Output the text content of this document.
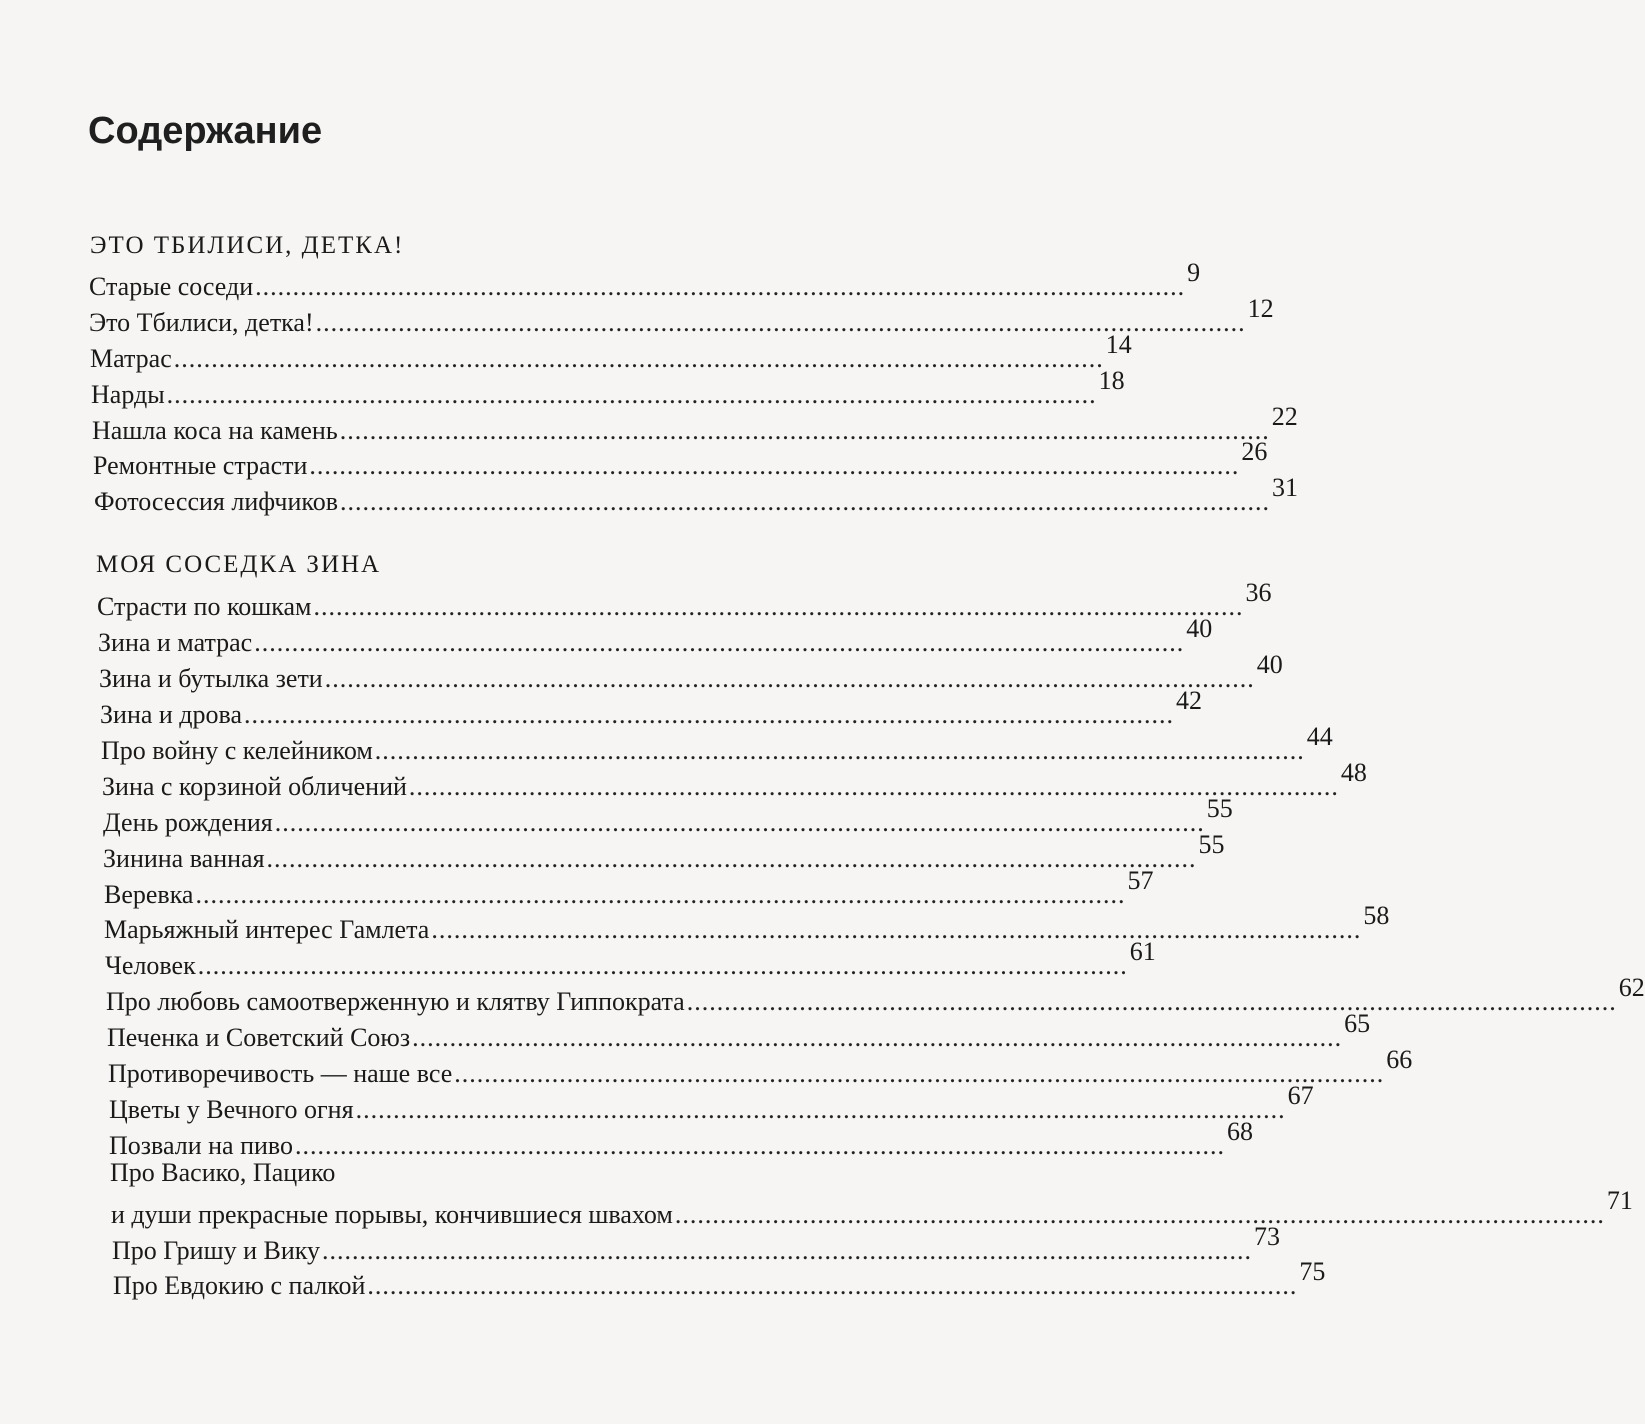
Содержание
ЭТО ТБИЛИСИ, ДЕТКА!
Старые соседи ............................................................................................................................ 9
Это Тбилиси, детка! ............................................................................................................................ 12
Матрас ............................................................................................................................ 14
Нарды ............................................................................................................................ 18
Нашла коса на камень ............................................................................................................................ 22
Ремонтные страсти ............................................................................................................................ 26
Фотосессия лифчиков ............................................................................................................................ 31
МОЯ СОСЕДКА ЗИНА
Страсти по кошкам ............................................................................................................................ 36
Зина и матрас ............................................................................................................................ 40
Зина и бутылка зети ............................................................................................................................ 40
Зина и дрова ............................................................................................................................ 42
Про войну с келейником ............................................................................................................................ 44
Зина с корзиной обличений ............................................................................................................................ 48
День рождения ............................................................................................................................ 55
Зинина ванная ............................................................................................................................ 55
Веревка ............................................................................................................................ 57
Марьяжный интерес Гамлета ............................................................................................................................ 58
Человек ............................................................................................................................ 61
Про любовь самоотверженную и клятву Гиппократа ............................................................................................................................ 62
Печенка и Советский Союз ............................................................................................................................ 65
Противоречивость — наше все ............................................................................................................................ 66
Цветы у Вечного огня ............................................................................................................................ 67
Позвали на пиво ............................................................................................................................ 68
Про Васико, Пацико
и души прекрасные порывы, кончившиеся швахом ............................................................................................................................ 71
Про Гришу и Вику ............................................................................................................................ 73
Про Евдокию с палкой ............................................................................................................................ 75
